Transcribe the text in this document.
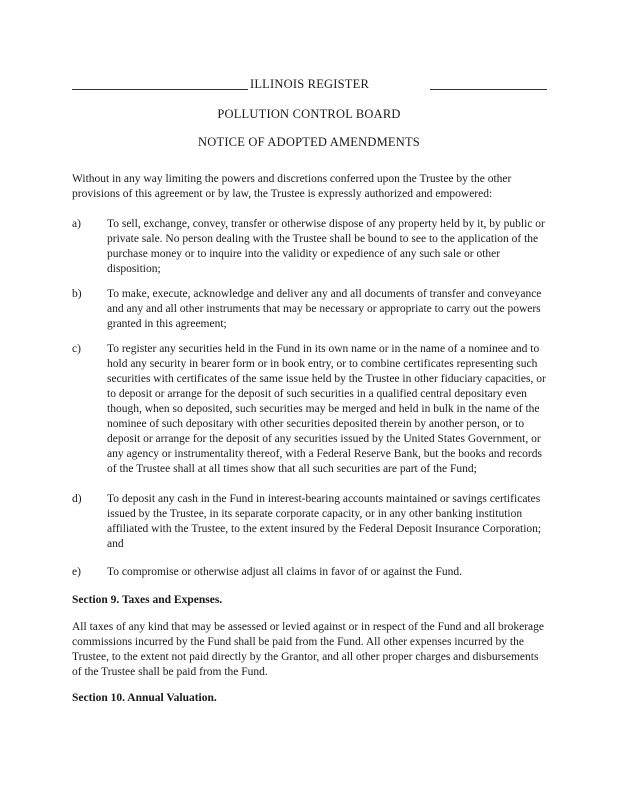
ILLINOIS REGISTER
POLLUTION CONTROL BOARD
NOTICE OF ADOPTED AMENDMENTS
Without in any way limiting the powers and discretions conferred upon the Trustee by the other provisions of this agreement or by law, the Trustee is expressly authorized and empowered:
a) To sell, exchange, convey, transfer or otherwise dispose of any property held by it, by public or private sale. No person dealing with the Trustee shall be bound to see to the application of the purchase money or to inquire into the validity or expedience of any such sale or other disposition;
b) To make, execute, acknowledge and deliver any and all documents of transfer and conveyance and any and all other instruments that may be necessary or appropriate to carry out the powers granted in this agreement;
c) To register any securities held in the Fund in its own name or in the name of a nominee and to hold any security in bearer form or in book entry, or to combine certificates representing such securities with certificates of the same issue held by the Trustee in other fiduciary capacities, or to deposit or arrange for the deposit of such securities in a qualified central depositary even though, when so deposited, such securities may be merged and held in bulk in the name of the nominee of such depositary with other securities deposited therein by another person, or to deposit or arrange for the deposit of any securities issued by the United States Government, or any agency or instrumentality thereof, with a Federal Reserve Bank, but the books and records of the Trustee shall at all times show that all such securities are part of the Fund;
d) To deposit any cash in the Fund in interest-bearing accounts maintained or savings certificates issued by the Trustee, in its separate corporate capacity, or in any other banking institution affiliated with the Trustee, to the extent insured by the Federal Deposit Insurance Corporation; and
e) To compromise or otherwise adjust all claims in favor of or against the Fund.
Section 9. Taxes and Expenses.
All taxes of any kind that may be assessed or levied against or in respect of the Fund and all brokerage commissions incurred by the Fund shall be paid from the Fund. All other expenses incurred by the Trustee, to the extent not paid directly by the Grantor, and all other proper charges and disbursements of the Trustee shall be paid from the Fund.
Section 10. Annual Valuation.
